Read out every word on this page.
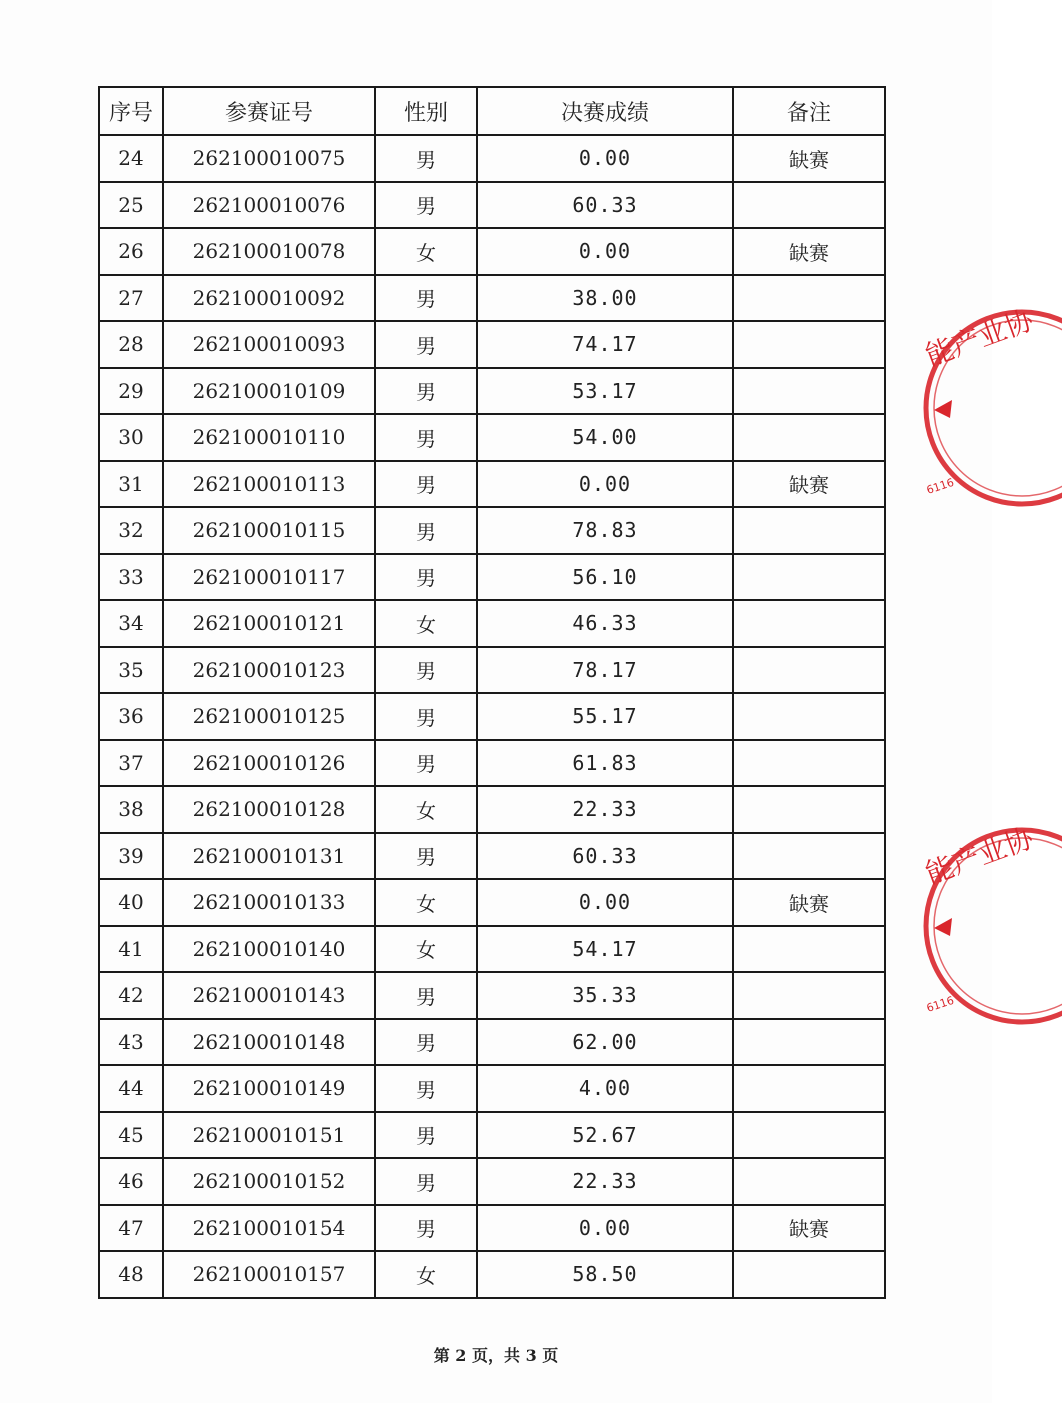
序号	参赛证号	性别	决赛成绩	备注
24	262100010075	男	0.00	缺赛
25	262100010076	男	60.33	
26	262100010078	女	0.00	缺赛
27	262100010092	男	38.00	
28	262100010093	男	74.17	
29	262100010109	男	53.17	
30	262100010110	男	54.00	
31	262100010113	男	0.00	缺赛
32	262100010115	男	78.83	
33	262100010117	男	56.10	
34	262100010121	女	46.33	
35	262100010123	男	78.17	
36	262100010125	男	55.17	
37	262100010126	男	61.83	
38	262100010128	女	22.33	
39	262100010131	男	60.33	
40	262100010133	女	0.00	缺赛
41	262100010140	女	54.17	
42	262100010143	男	35.33	
43	262100010148	男	62.00	
44	262100010149	男	4.00	
45	262100010151	男	52.67	
46	262100010152	男	22.33	
47	262100010154	男	0.00	缺赛
48	262100010157	女	58.50	
第 2 页，共 3 页
能产业协
6116
能产业协
6116
